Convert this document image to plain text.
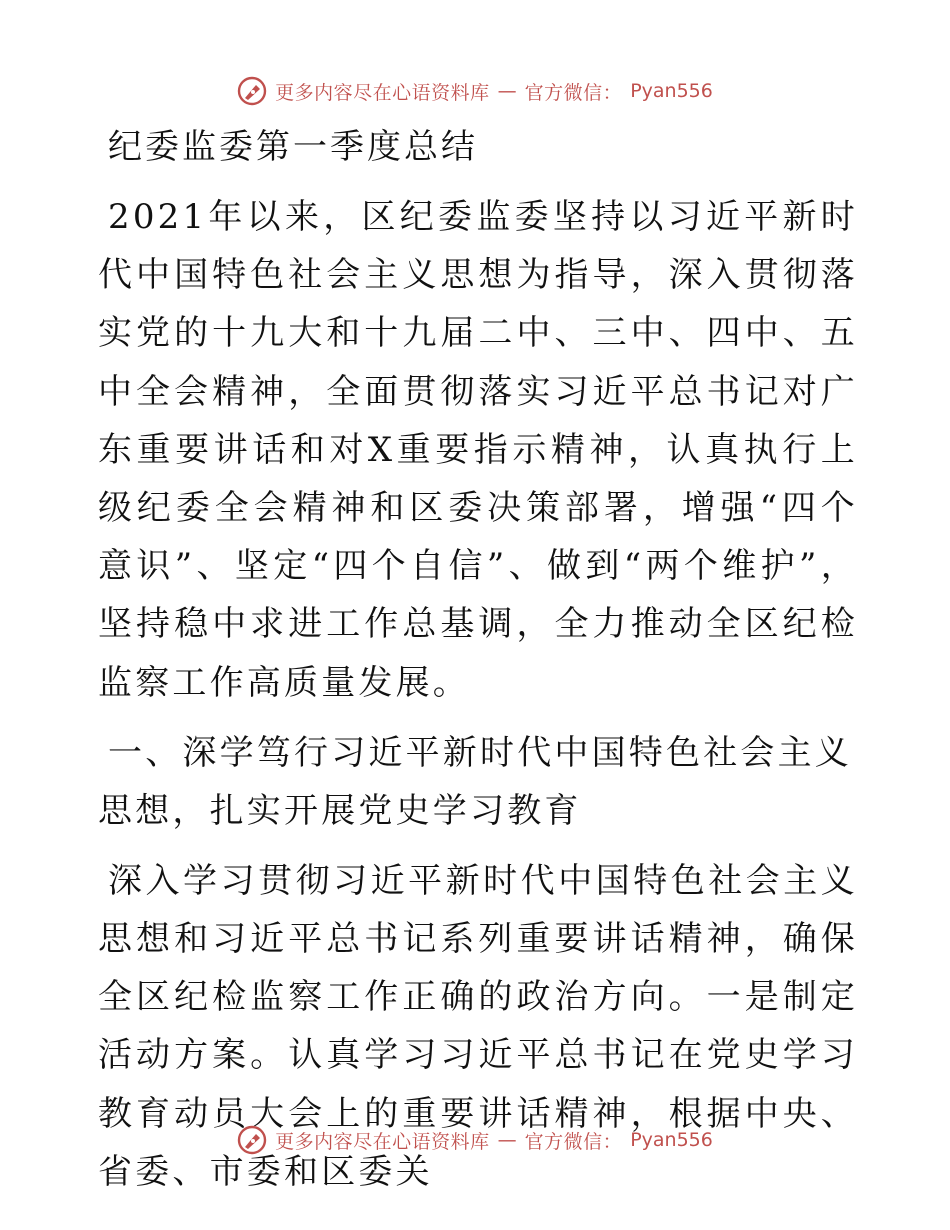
更多内容尽在心语资料库 — 官方微信： Pyan556
纪委监委第一季度总结

2021年以来，区纪委监委坚持以习近平新时代中国特色社会主义思想为指导，深入贯彻落实党的十九大和十九届二中、三中、四中、五中全会精神，全面贯彻落实习近平总书记对广东重要讲话和对X重要指示精神，认真执行上级纪委全会精神和区委决策部署，增强“四个意识”、坚定“四个自信”、做到“两个维护”，坚持稳中求进工作总基调，全力推动全区纪检监察工作高质量发展。

一、深学笃行习近平新时代中国特色社会主义思想，扎实开展党史学习教育

深入学习贯彻习近平新时代中国特色社会主义思想和习近平总书记系列重要讲话精神，确保全区纪检监察工作正确的政治方向。一是制定活动方案。认真学习习近平总书记在党史学习教育动员大会上的重要讲话精神，根据中央、省委、市委和区委关

更多内容尽在心语资料库 — 官方微信： Pyan556
